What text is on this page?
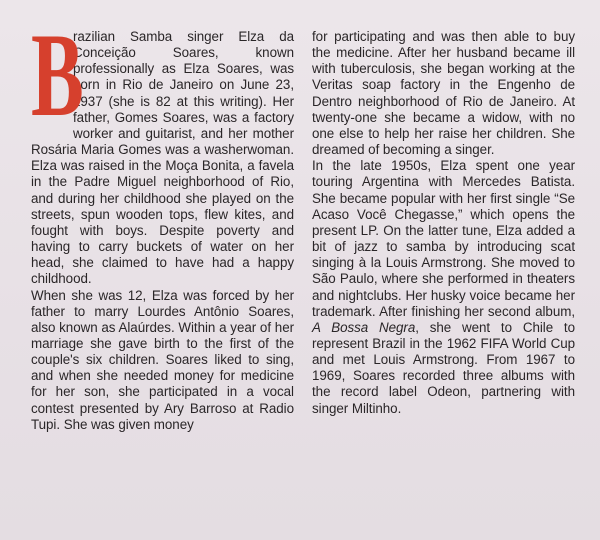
B

razilian Samba singer Elza da Conceição Soares, known professionally as Elza Soares, was born in Rio de Janeiro on June 23, 1937 (she is 82 at this writing). Her father, Gomes Soares, was a factory worker and guitarist, and her mother Rosária Maria Gomes was a washerwoman. Elza was raised in the Moça Bonita, a favela in the Padre Miguel neighborhood of Rio, and during her childhood she played on the streets, spun wooden tops, flew kites, and fought with boys. Despite poverty and having to carry buckets of water on her head, she claimed to have had a happy childhood.

When she was 12, Elza was forced by her father to marry Lourdes Antônio Soares, also known as Alaúrdes. Within a year of her marriage she gave birth to the first of the couple's six children. Soares liked to sing, and when she needed money for medicine for her son, she participated in a vocal contest presented by Ary Barroso at Radio Tupi. She was given money

for participating and was then able to buy the medicine. After her husband became ill with tuberculosis, she began working at the Veritas soap factory in the Engenho de Dentro neighborhood of Rio de Janeiro. At twenty-one she became a widow, with no one else to help her raise her children. She dreamed of becoming a singer.

In the late 1950s, Elza spent one year touring Argentina with Mercedes Batista. She became popular with her first single “Se Acaso Você Chegasse,” which opens the present LP. On the latter tune, Elza added a bit of jazz to samba by introducing scat singing à la Louis Armstrong. She moved to São Paulo, where she performed in theaters and nightclubs. Her husky voice became her trademark. After finishing her second album, A Bossa Negra, she went to Chile to represent Brazil in the 1962 FIFA World Cup and met Louis Armstrong. From 1967 to 1969, Soares recorded three albums with the record label Odeon, partnering with singer Miltinho.
